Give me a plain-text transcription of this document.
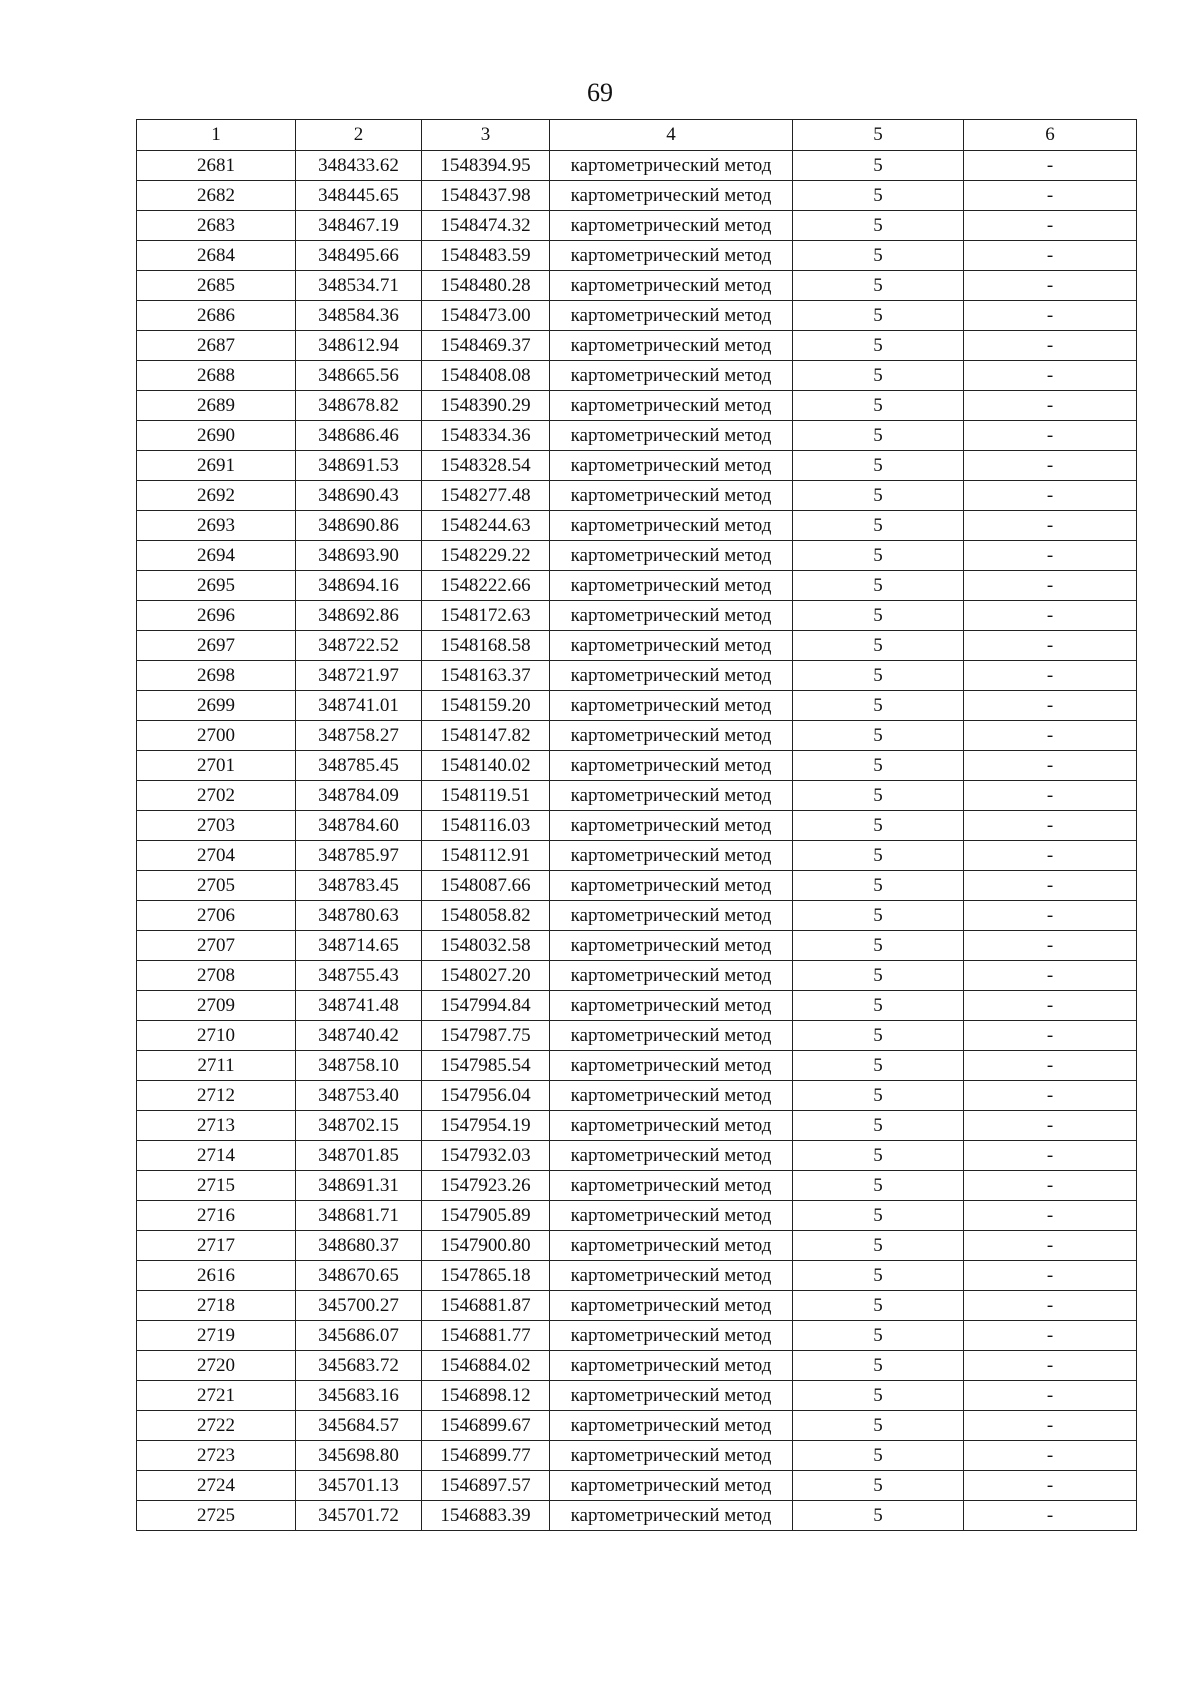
69
1	2	3	4	5	6
2681	348433.62	1548394.95	картометрический метод	5	-
2682	348445.65	1548437.98	картометрический метод	5	-
2683	348467.19	1548474.32	картометрический метод	5	-
2684	348495.66	1548483.59	картометрический метод	5	-
2685	348534.71	1548480.28	картометрический метод	5	-
2686	348584.36	1548473.00	картометрический метод	5	-
2687	348612.94	1548469.37	картометрический метод	5	-
2688	348665.56	1548408.08	картометрический метод	5	-
2689	348678.82	1548390.29	картометрический метод	5	-
2690	348686.46	1548334.36	картометрический метод	5	-
2691	348691.53	1548328.54	картометрический метод	5	-
2692	348690.43	1548277.48	картометрический метод	5	-
2693	348690.86	1548244.63	картометрический метод	5	-
2694	348693.90	1548229.22	картометрический метод	5	-
2695	348694.16	1548222.66	картометрический метод	5	-
2696	348692.86	1548172.63	картометрический метод	5	-
2697	348722.52	1548168.58	картометрический метод	5	-
2698	348721.97	1548163.37	картометрический метод	5	-
2699	348741.01	1548159.20	картометрический метод	5	-
2700	348758.27	1548147.82	картометрический метод	5	-
2701	348785.45	1548140.02	картометрический метод	5	-
2702	348784.09	1548119.51	картометрический метод	5	-
2703	348784.60	1548116.03	картометрический метод	5	-
2704	348785.97	1548112.91	картометрический метод	5	-
2705	348783.45	1548087.66	картометрический метод	5	-
2706	348780.63	1548058.82	картометрический метод	5	-
2707	348714.65	1548032.58	картометрический метод	5	-
2708	348755.43	1548027.20	картометрический метод	5	-
2709	348741.48	1547994.84	картометрический метод	5	-
2710	348740.42	1547987.75	картометрический метод	5	-
2711	348758.10	1547985.54	картометрический метод	5	-
2712	348753.40	1547956.04	картометрический метод	5	-
2713	348702.15	1547954.19	картометрический метод	5	-
2714	348701.85	1547932.03	картометрический метод	5	-
2715	348691.31	1547923.26	картометрический метод	5	-
2716	348681.71	1547905.89	картометрический метод	5	-
2717	348680.37	1547900.80	картометрический метод	5	-
2616	348670.65	1547865.18	картометрический метод	5	-
2718	345700.27	1546881.87	картометрический метод	5	-
2719	345686.07	1546881.77	картометрический метод	5	-
2720	345683.72	1546884.02	картометрический метод	5	-
2721	345683.16	1546898.12	картометрический метод	5	-
2722	345684.57	1546899.67	картометрический метод	5	-
2723	345698.80	1546899.77	картометрический метод	5	-
2724	345701.13	1546897.57	картометрический метод	5	-
2725	345701.72	1546883.39	картометрический метод	5	-
